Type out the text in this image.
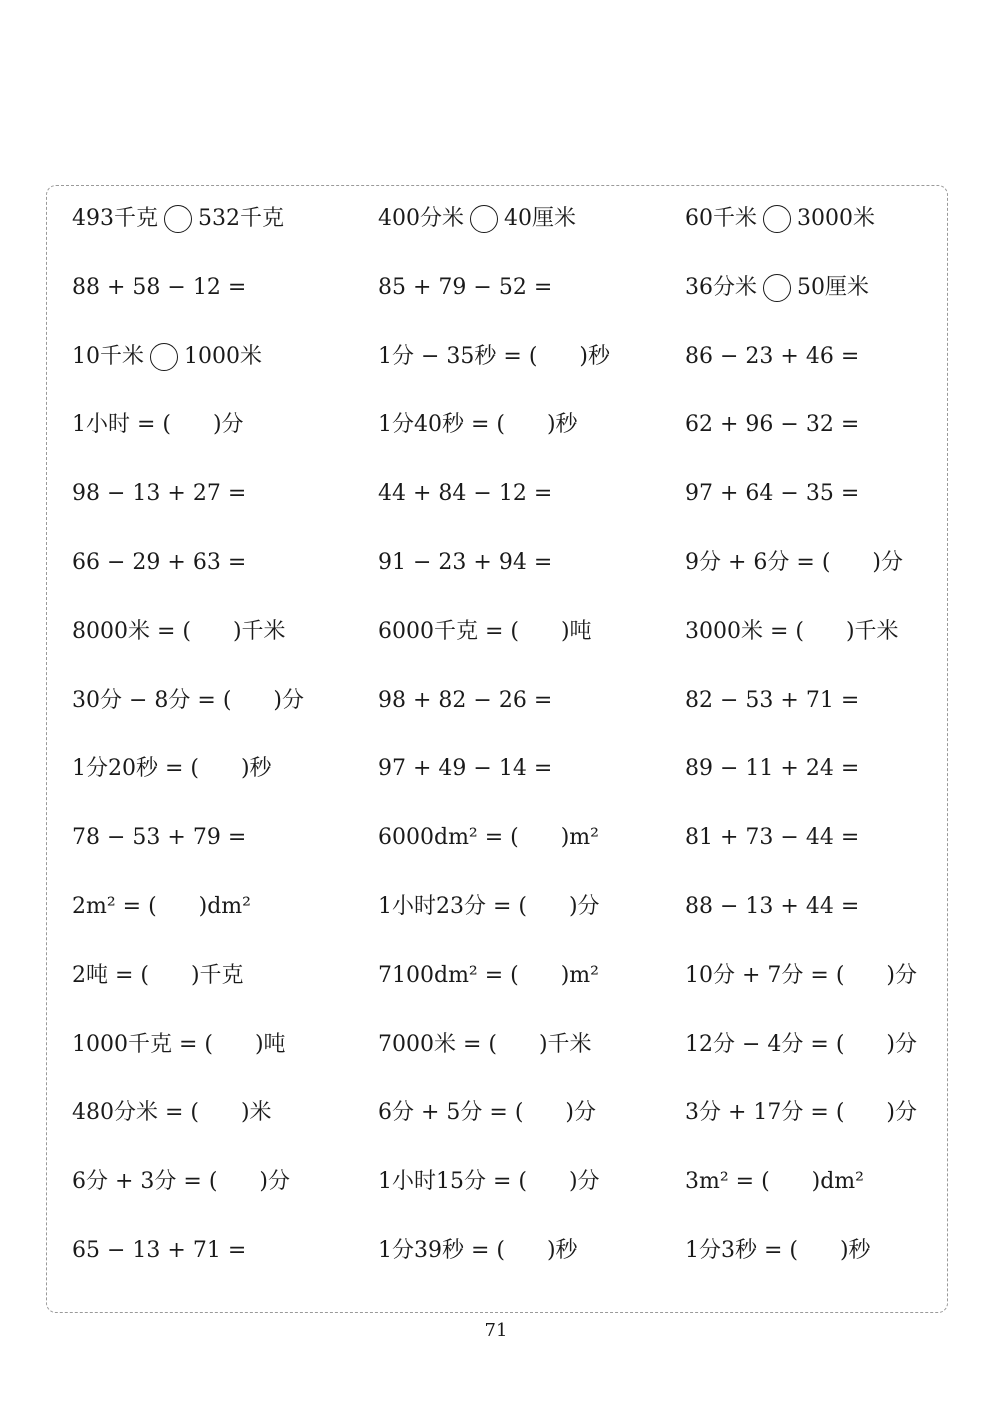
493千克 532千克	400分米 40厘米	60千米 3000米
88 + 58 − 12 =	85 + 79 − 52 =	36分米 50厘米
10千米 1000米	1分 − 35秒 = (      )秒	86 − 23 + 46 =
1小时 = (      )分	1分40秒 = (      )秒	62 + 96 − 32 =
98 − 13 + 27 =	44 + 84 − 12 =	97 + 64 − 35 =
66 − 29 + 63 =	91 − 23 + 94 =	9分 + 6分 = (      )分
8000米 = (      )千米	6000千克 = (      )吨	3000米 = (      )千米
30分 − 8分 = (      )分	98 + 82 − 26 =	82 − 53 + 71 =
1分20秒 = (      )秒	97 + 49 − 14 =	89 − 11 + 24 =
78 − 53 + 79 =	6000dm² = (      )m²	81 + 73 − 44 =
2m² = (      )dm²	1小时23分 = (      )分	88 − 13 + 44 =
2吨 = (      )千克	7100dm² = (      )m²	10分 + 7分 = (      )分
1000千克 = (      )吨	7000米 = (      )千米	12分 − 4分 = (      )分
480分米 = (      )米	6分 + 5分 = (      )分	3分 + 17分 = (      )分
6分 + 3分 = (      )分	1小时15分 = (      )分	3m² = (      )dm²
65 − 13 + 71 =	1分39秒 = (      )秒	1分3秒 = (      )秒
71
